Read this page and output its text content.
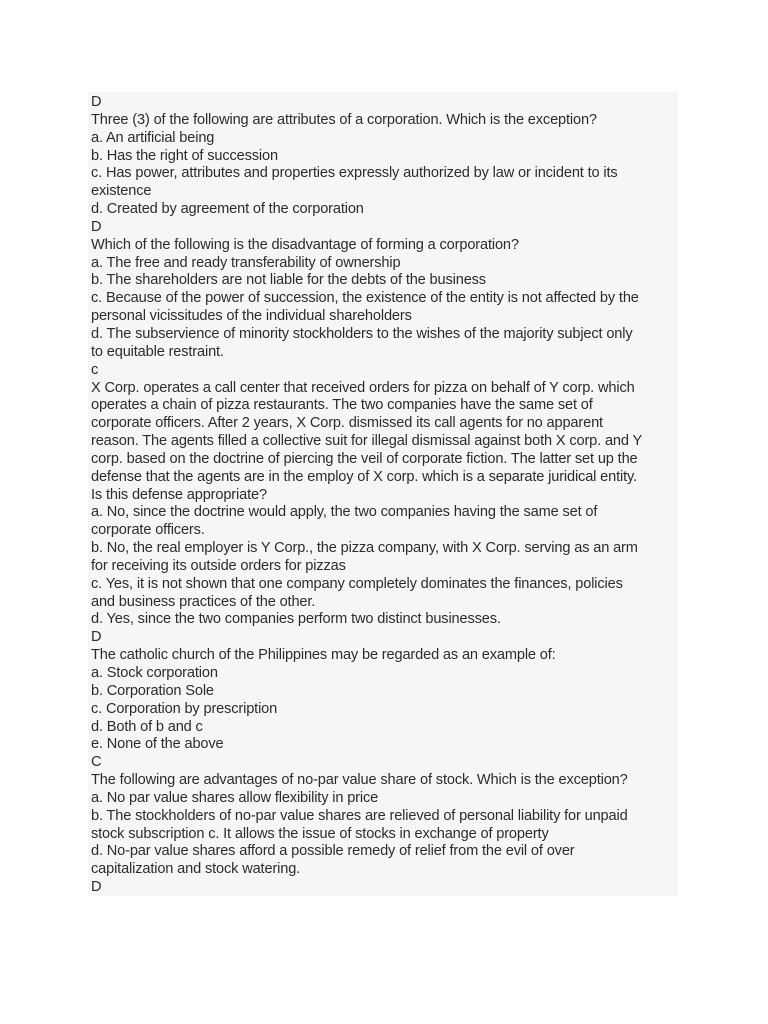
D
Three (3) of the following are attributes of a corporation. Which is the exception?
a. An artificial being
b. Has the right of succession
c. Has power, attributes and properties expressly authorized by law or incident to its
existence
d. Created by agreement of the corporation
D
Which of the following is the disadvantage of forming a corporation?
a. The free and ready transferability of ownership
b. The shareholders are not liable for the debts of the business
c. Because of the power of succession, the existence of the entity is not affected by the
personal vicissitudes of the individual shareholders
d. The subservience of minority stockholders to the wishes of the majority subject only
to equitable restraint.
c
X Corp. operates a call center that received orders for pizza on behalf of Y corp. which
operates a chain of pizza restaurants. The two companies have the same set of
corporate officers. After 2 years, X Corp. dismissed its call agents for no apparent
reason. The agents filled a collective suit for illegal dismissal against both X corp. and Y
corp. based on the doctrine of piercing the veil of corporate fiction. The latter set up the
defense that the agents are in the employ of X corp. which is a separate juridical entity.
Is this defense appropriate?
a. No, since the doctrine would apply, the two companies having the same set of
corporate officers.
b. No, the real employer is Y Corp., the pizza company, with X Corp. serving as an arm
for receiving its outside orders for pizzas
c. Yes, it is not shown that one company completely dominates the finances, policies
and business practices of the other.
d. Yes, since the two companies perform two distinct businesses.
D
The catholic church of the Philippines may be regarded as an example of:
a. Stock corporation
b. Corporation Sole
c. Corporation by prescription
d. Both of b and c
e. None of the above
C
The following are advantages of no-par value share of stock. Which is the exception?
a. No par value shares allow flexibility in price
b. The stockholders of no-par value shares are relieved of personal liability for unpaid
stock subscription c. It allows the issue of stocks in exchange of property
d. No-par value shares afford a possible remedy of relief from the evil of over
capitalization and stock watering.
D
